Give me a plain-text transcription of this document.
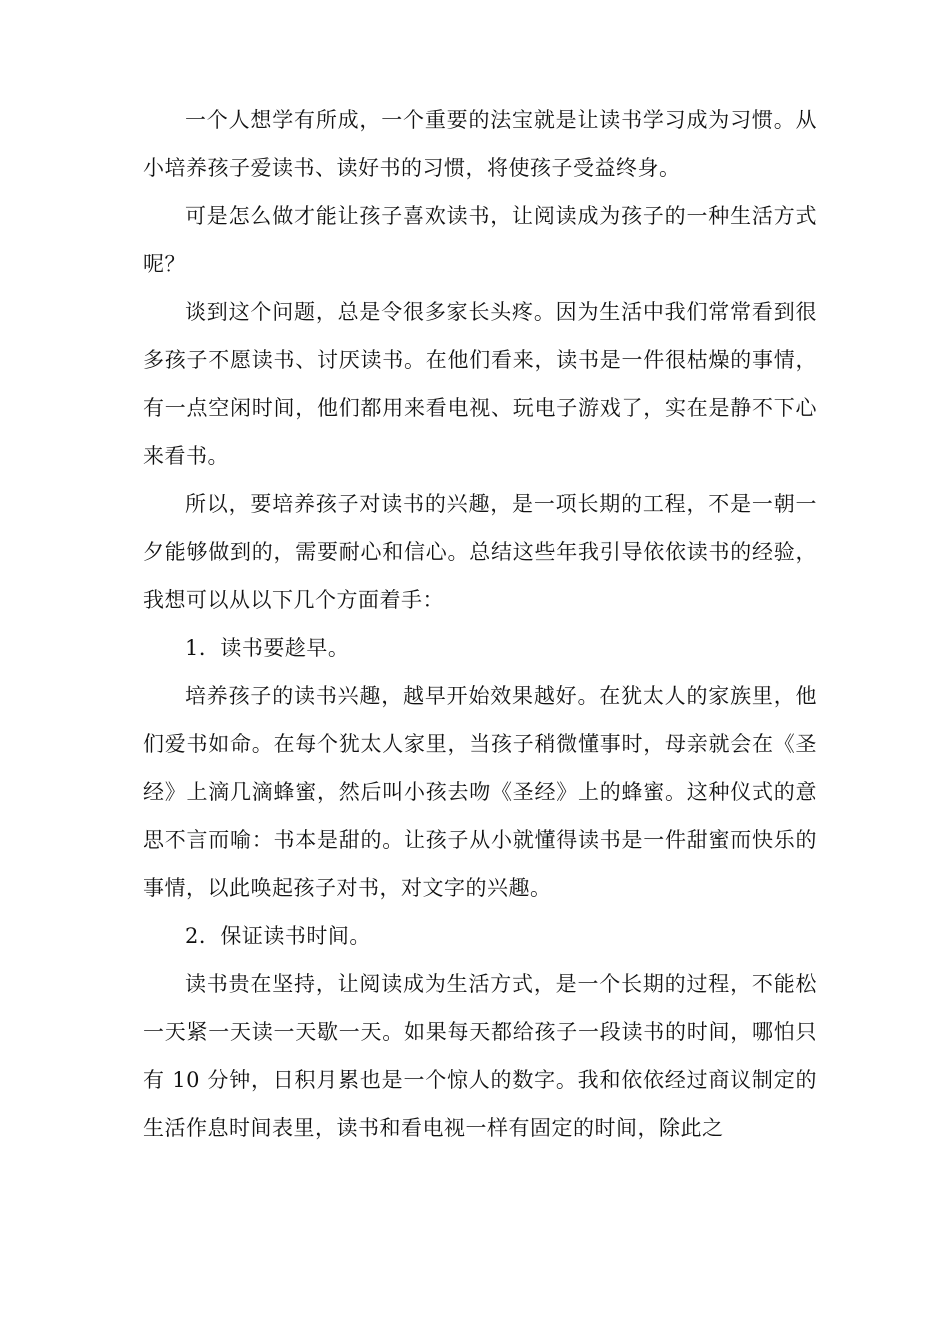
一个人想学有所成，一个重要的法宝就是让读书学习成为习惯。从小培养孩子爱读书、读好书的习惯，将使孩子受益终身。

可是怎么做才能让孩子喜欢读书，让阅读成为孩子的一种生活方式呢？

谈到这个问题，总是令很多家长头疼。因为生活中我们常常看到很多孩子不愿读书、讨厌读书。在他们看来，读书是一件很枯燥的事情，有一点空闲时间，他们都用来看电视、玩电子游戏了，实在是静不下心来看书。

所以，要培养孩子对读书的兴趣，是一项长期的工程，不是一朝一夕能够做到的，需要耐心和信心。总结这些年我引导依依读书的经验，我想可以从以下几个方面着手：

1．读书要趁早。

培养孩子的读书兴趣，越早开始效果越好。在犹太人的家族里，他们爱书如命。在每个犹太人家里，当孩子稍微懂事时，母亲就会在《圣经》上滴几滴蜂蜜，然后叫小孩去吻《圣经》上的蜂蜜。这种仪式的意思不言而喻：书本是甜的。让孩子从小就懂得读书是一件甜蜜而快乐的事情，以此唤起孩子对书，对文字的兴趣。

2．保证读书时间。

读书贵在坚持，让阅读成为生活方式，是一个长期的过程，不能松一天紧一天读一天歇一天。如果每天都给孩子一段读书的时间，哪怕只有 10 分钟，日积月累也是一个惊人的数字。我和依依经过商议制定的生活作息时间表里，读书和看电视一样有固定的时间，除此之
